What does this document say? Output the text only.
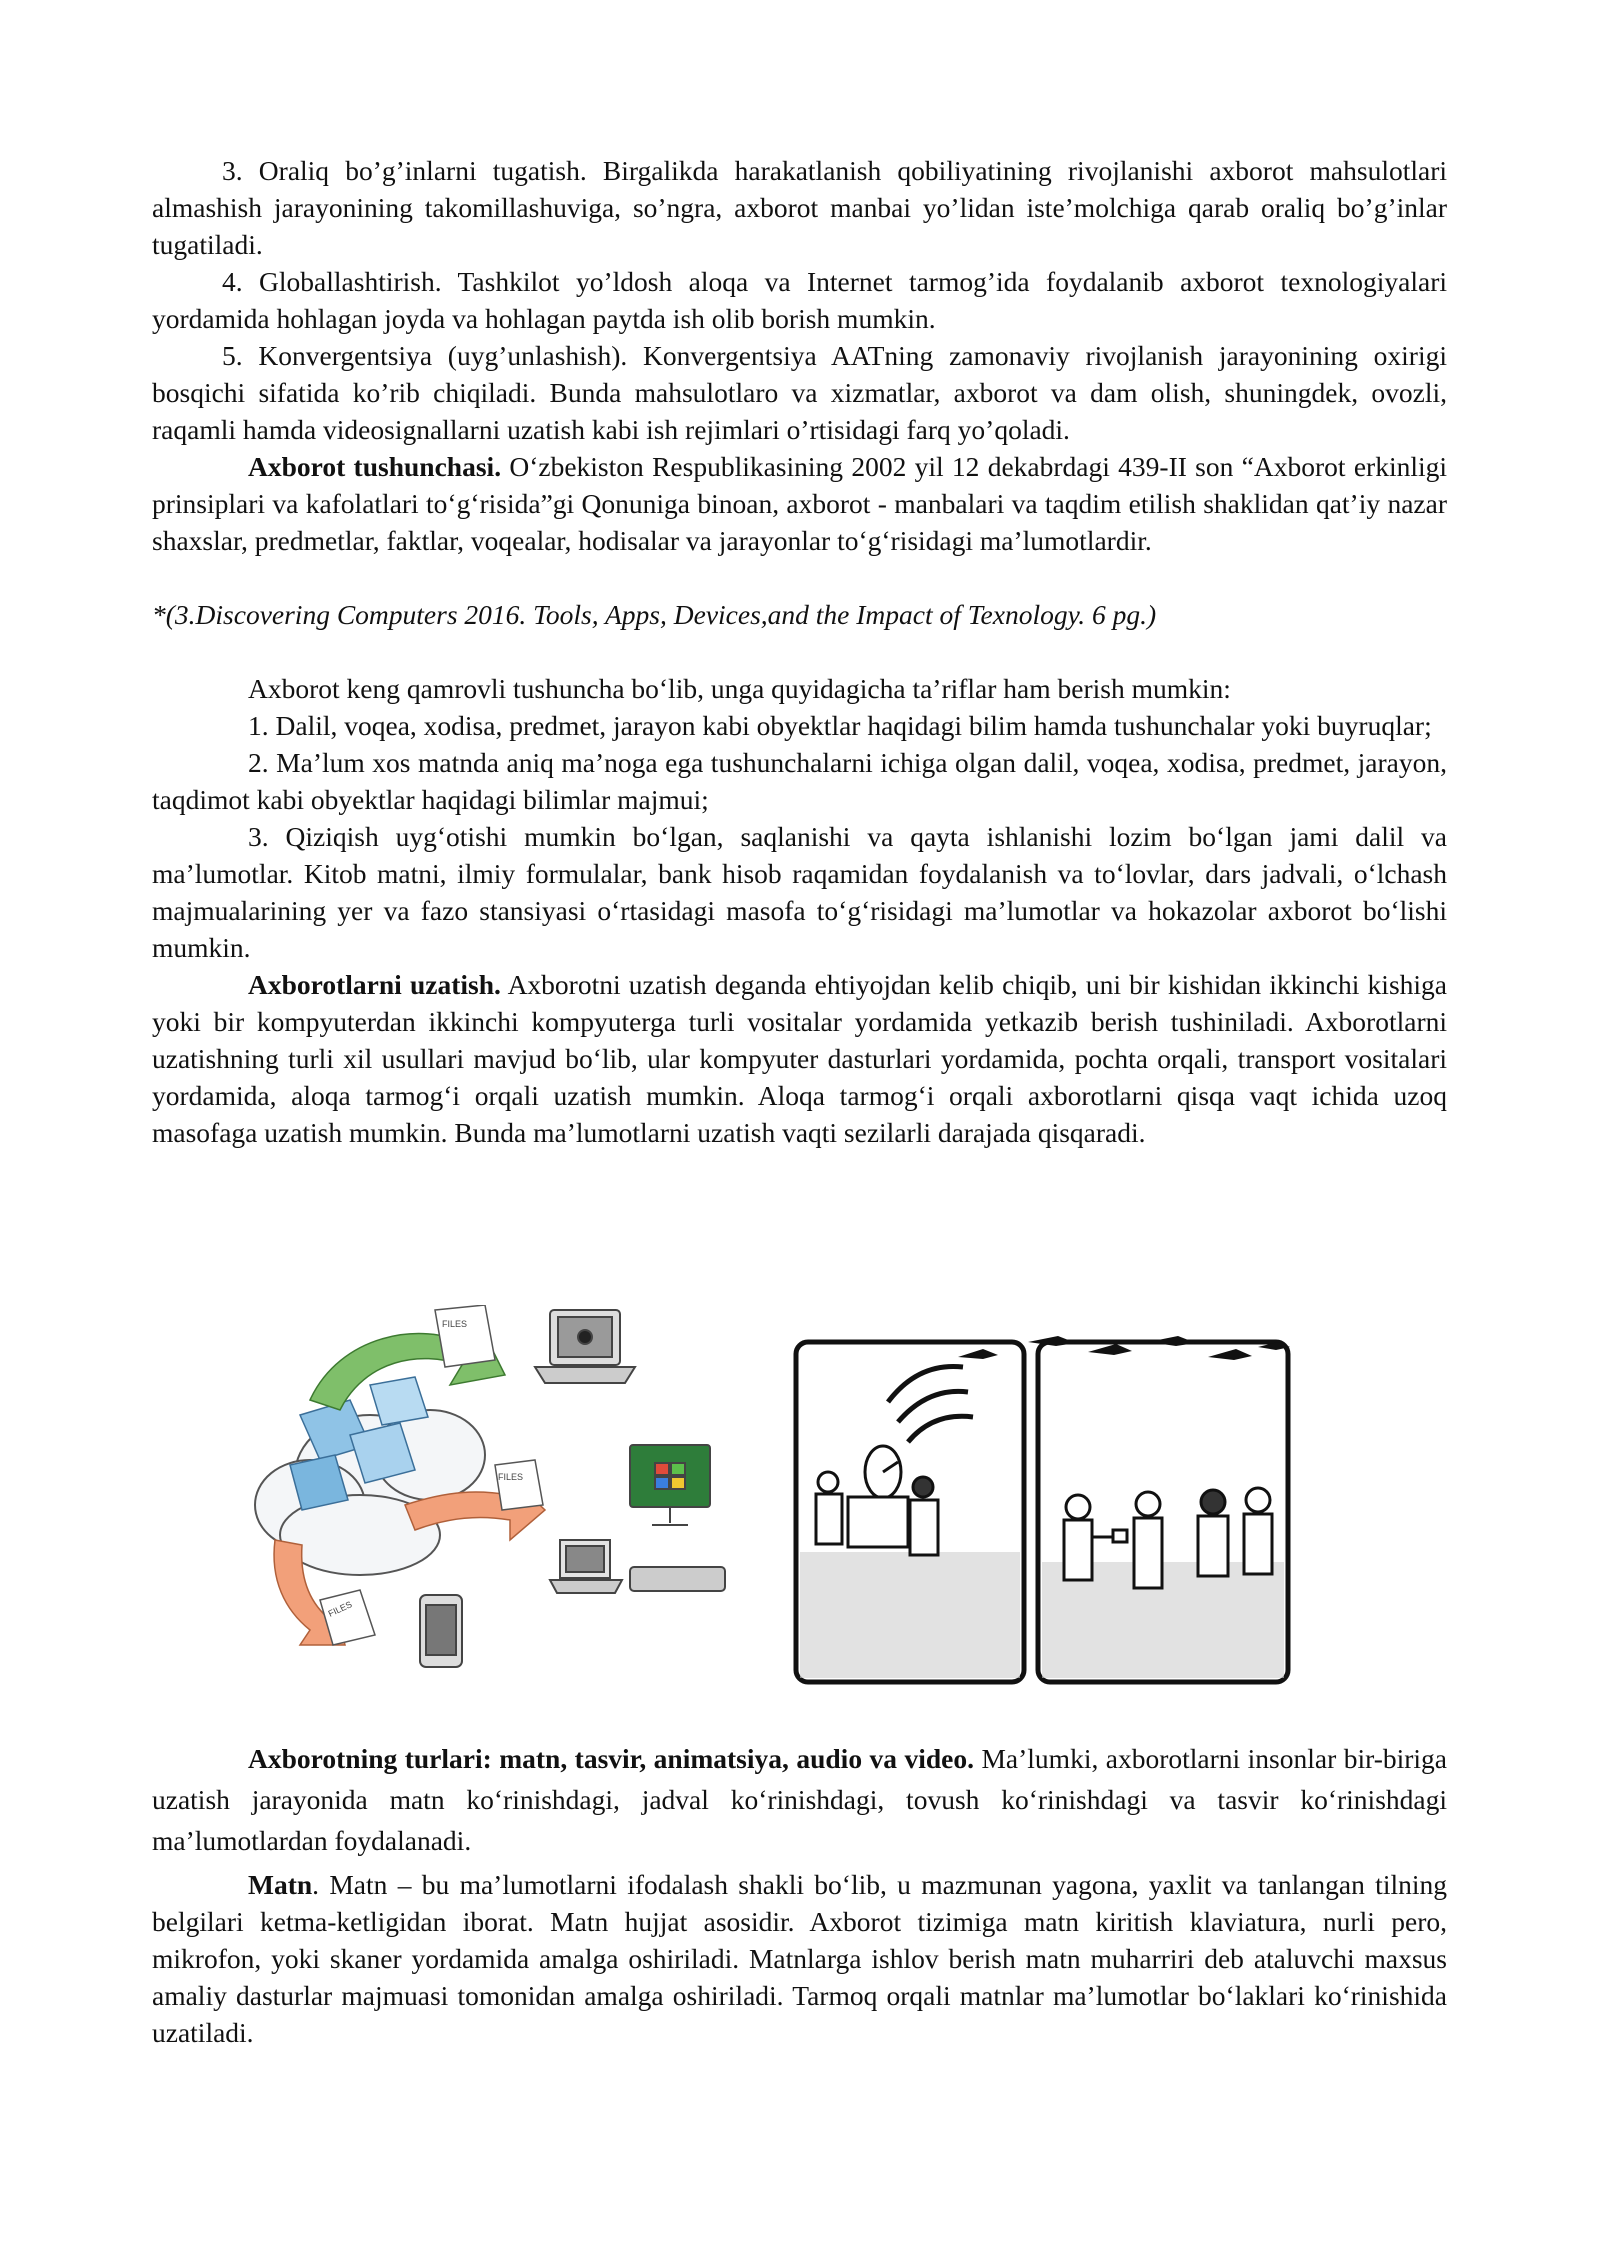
3. Oraliq bo’g’inlarni tugatish. Birgalikda harakatlanish qobiliyatining rivojlanishi axborot mahsulotlari almashish jarayonining takomillashuviga, so’ngra, axborot manbai yo’lidan iste’molchiga qarab oraliq bo’g’inlar tugatiladi.

4. Globallashtirish. Tashkilot yo’ldosh aloqa va Internet tarmog’ida foydalanib axborot texnologiyalari yordamida hohlagan joyda va hohlagan paytda ish olib borish mumkin.

5. Konvergentsiya (uyg’unlashish). Konvergentsiya AATning zamonaviy rivojlanish jarayonining oxirigi bosqichi sifatida ko’rib chiqiladi. Bunda mahsulotlaro va xizmatlar, axborot va dam olish, shuningdek, ovozli, raqamli hamda videosignallarni uzatish kabi ish rejimlari o’rtisidagi farq yo’qoladi.

Axborot tushunchasi. O‘zbekiston Respublikasining 2002 yil 12 dekabrdagi 439-II son “Axborot erkinligi prinsiplari va kafolatlari to‘g‘risida”gi Qonuniga binoan, axborot - manbalari va taqdim etilish shaklidan qat’iy nazar shaxslar, predmetlar, faktlar, voqealar, hodisalar va jarayonlar to‘g‘risidagi ma’lumotlardir.

*(3.Discovering Computers 2016. Tools, Apps, Devices,and the Impact of Texnology. 6 pg.)

Axborot keng qamrovli tushuncha bo‘lib, unga quyidagicha ta’riflar ham berish mumkin:

1. Dalil, voqea, xodisa, predmet, jarayon kabi obyektlar haqidagi bilim hamda tushunchalar yoki buyruqlar;

2. Ma’lum xos matnda aniq ma’noga ega tushunchalarni ichiga olgan dalil, voqea, xodisa, predmet, jarayon, taqdimot kabi obyektlar haqidagi bilimlar majmui;

3. Qiziqish uyg‘otishi mumkin bo‘lgan, saqlanishi va qayta ishlanishi lozim bo‘lgan jami dalil va ma’lumotlar. Kitob matni, ilmiy formulalar, bank hisob raqamidan foydalanish va to‘lovlar, dars jadvali, o‘lchash majmualarining yer va fazo stansiyasi o‘rtasidagi masofa to‘g‘risidagi ma’lumotlar va hokazolar axborot bo‘lishi mumkin.

Axborotlarni uzatish. Axborotni uzatish deganda ehtiyojdan kelib chiqib, uni bir kishidan ikkinchi kishiga yoki bir kompyuterdan ikkinchi kompyuterga turli vositalar yordamida yetkazib berish tushiniladi. Axborotlarni uzatishning turli xil usullari mavjud bo‘lib, ular kompyuter dasturlari yordamida, pochta orqali, transport vositalari yordamida, aloqa tarmog‘i orqali uzatish mumkin. Aloqa tarmog‘i orqali axborotlarni qisqa vaqt ichida uzoq masofaga uzatish mumkin. Bunda ma’lumotlarni uzatish vaqti sezilarli darajada qisqaradi.

FILES
FILES
FILES

Axborotning turlari: matn, tasvir, animatsiya, audio va video. Ma’lumki, axborotlarni insonlar bir-biriga uzatish jarayonida matn ko‘rinishdagi, jadval ko‘rinishdagi, tovush ko‘rinishdagi va tasvir ko‘rinishdagi ma’lumotlardan foydalanadi.

Matn. Matn – bu ma’lumotlarni ifodalash shakli bo‘lib, u mazmunan yagona, yaxlit va tanlangan tilning belgilari ketma-ketligidan iborat. Matn hujjat asosidir. Axborot tizimiga matn kiritish klaviatura, nurli pero, mikrofon, yoki skaner yordamida amalga oshiriladi. Matnlarga ishlov berish matn muharriri deb ataluvchi maxsus amaliy dasturlar majmuasi tomonidan amalga oshiriladi. Tarmoq orqali matnlar ma’lumotlar bo‘laklari ko‘rinishida uzatiladi.
